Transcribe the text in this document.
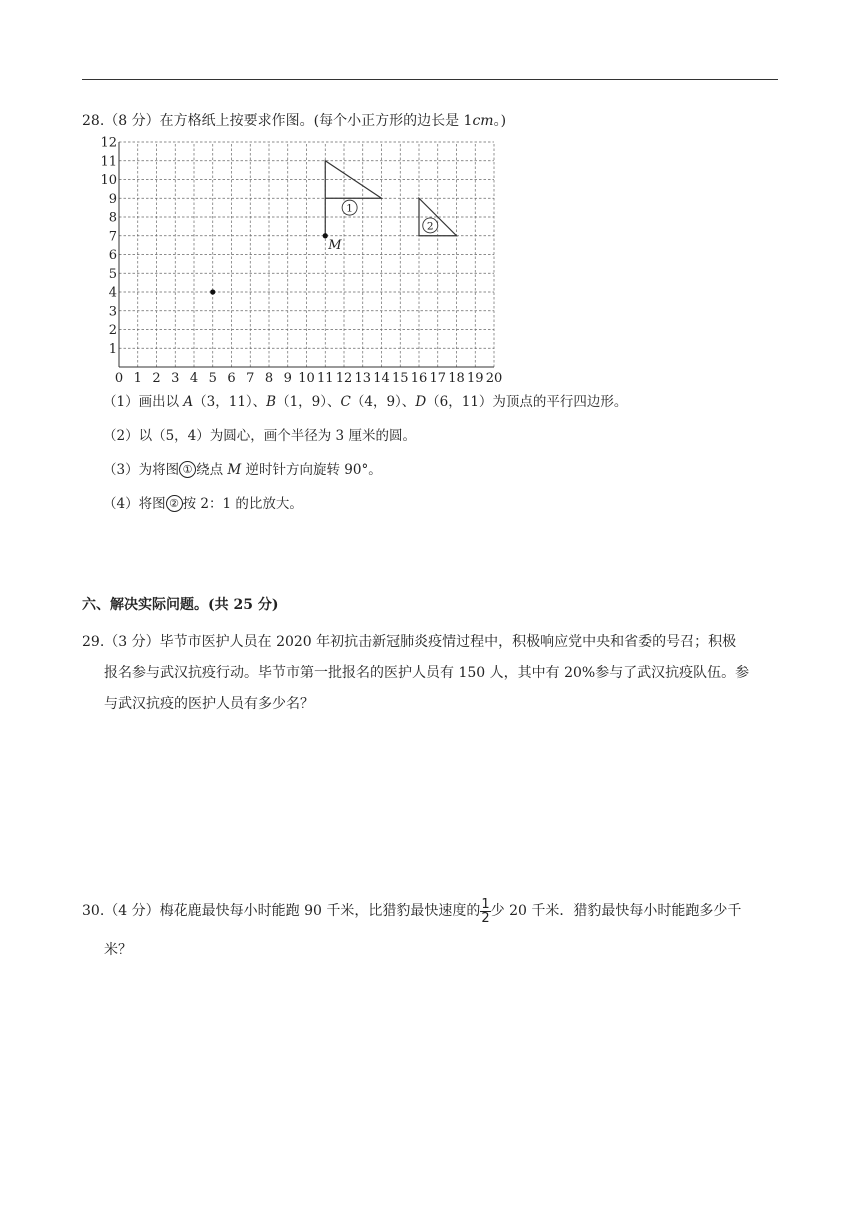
28.（8 分）在方格纸上按要求作图。(每个小正方形的边长是 1cm。)
0 1 2 3 4 5 6 7 8 9 10 11 12 13 14 15 16 17 18 19 20
1
2
3
4
5
6
7
8
9
10
11
12
1
2
M
（1）画出以 A（3，11）、B（1，9）、C（4，9）、D（6，11）为顶点的平行四边形。
（2）以（5，4）为圆心，画个半径为 3 厘米的圆。
（3）为将图 ① 绕点 M 逆时针方向旋转 90°。
（4）将图 ② 按 2：1 的比放大。
六、解决实际问题。(共 25 分)
29.（3 分）毕节市医护人员在 2020 年初抗击新冠肺炎疫情过程中，积极响应党中央和省委的号召；积极
报名参与武汉抗疫行动。毕节市第一批报名的医护人员有 150 人，其中有 20%参与了武汉抗疫队伍。参
与武汉抗疫的医护人员有多少名？
30.（4 分）梅花鹿最快每小时能跑 90 千米，比猎豹最快速度的 $\frac{1}{2}$ 少 20 千米．猎豹最快每小时能跑多少千
米？
